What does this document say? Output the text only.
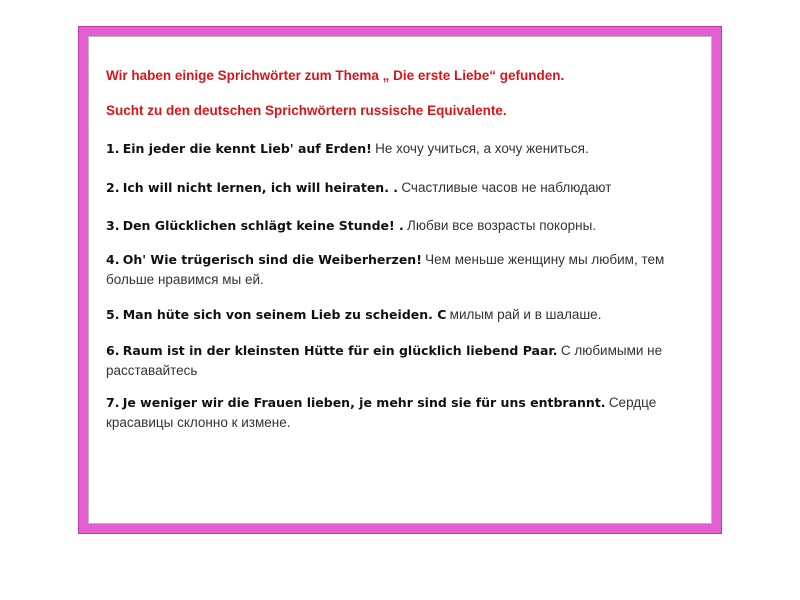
Wir haben einige Sprichwörter zum Thema „ Die erste Liebe“ gefunden.
Sucht zu den deutschen Sprichwörtern russische Equivalente.
1. Ein jeder die kennt Lieb' auf Erden! Не хочу учиться, а хочу жениться.
2. Ich will nicht lernen, ich will heiraten. . Счастливые часов не наблюдают
3. Den Glücklichen schlägt keine Stunde! . Любви все возрасты покорны.
4. Oh' Wie trügerisch sind die Weiberherzen! Чем меньше женщину мы любим, тем больше нравимся мы ей.
5. Man hüte sich von seinem Lieb zu scheiden. С милым рай и в шалаше.
6. Raum ist in der kleinsten Hütte für ein glücklich liebend Paar. С любимыми не расставайтесь
7. Je weniger wir die Frauen lieben, je mehr sind sie für uns entbrannt. Сердце красавицы склонно к измене.
